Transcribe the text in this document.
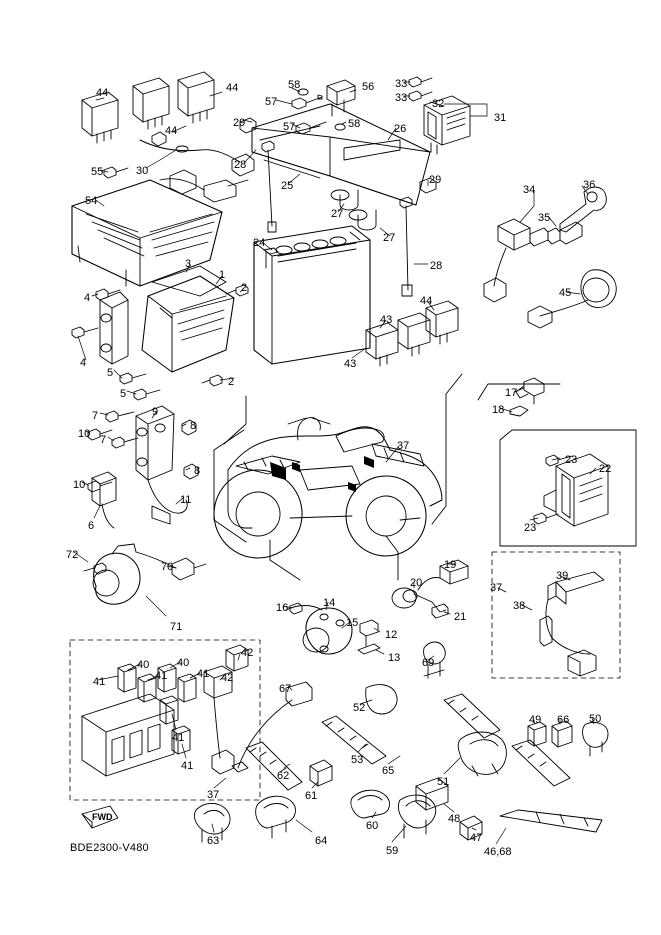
BDE2300-V480
FWD
44	44	58	56 33
33 32
31
57
57	58
29	26
44
55	30	28
25	29
34	36
35
54
27
27
24
28
45
3
1
2
4
4
5
5
2
43
43
44
17
18
7	9
8
7
10
8
10
11
6
37
23
22
23
72
70
71
19
20	37
38
39
16	14
15
12
13
21
69
42
42
40	40
41	41
41
41
41
67
52
49 66 50
53
65
51
62
37	61
60
48
47
46,68
59
63	64
